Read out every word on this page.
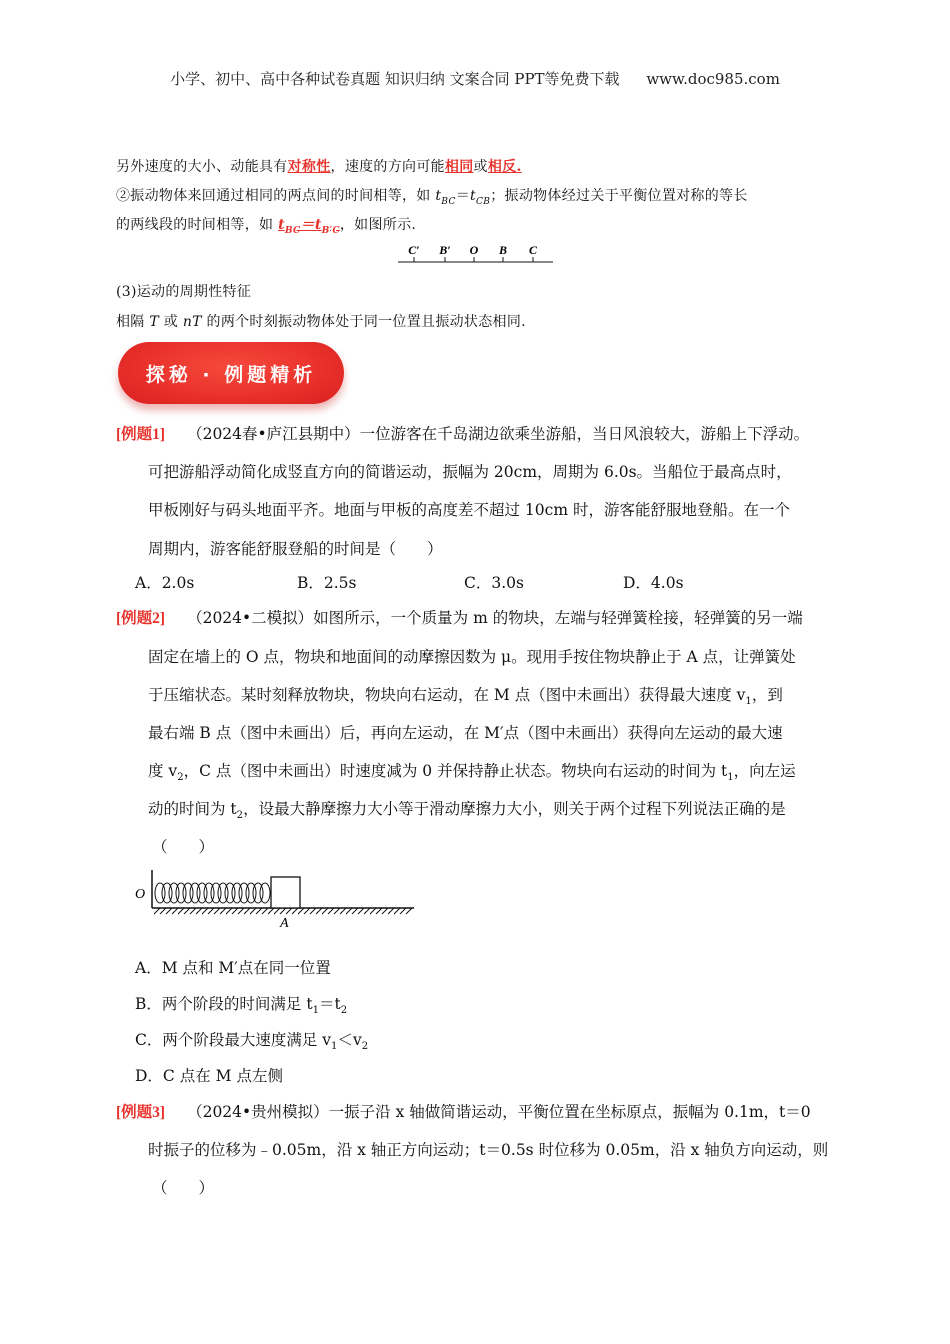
小学、初中、高中各种试卷真题 知识归纳 文案合同 PPT等免费下载 www.doc985.com
另外速度的大小、动能具有对称性，速度的方向可能相同或相反.
②振动物体来回通过相同的两点间的时间相等，如 $t_{BC}=t_{CB}$；振动物体经过关于平衡位置对称的等长
的两线段的时间相等，如 $t_{BC}=t_{B'C}$，如图所示.
C′ B′ O B C
(3)运动的周期性特征
相隔 T 或 nT 的两个时刻振动物体处于同一位置且振动状态相同.
探秘 · 例题精析
[例题1] （2024春•庐江县期中）一位游客在千岛湖边欲乘坐游船，当日风浪较大，游船上下浮动。
可把游船浮动简化成竖直方向的简谐运动，振幅为 20cm，周期为 6.0s。当船位于最高点时，
甲板刚好与码头地面平齐。地面与甲板的高度差不超过 10cm 时，游客能舒服地登船。在一个
周期内，游客能舒服登船的时间是（　　）
A．2.0s	B．2.5s	C．3.0s	D．4.0s
[例题2] （2024•二模拟）如图所示，一个质量为 m 的物块，左端与轻弹簧栓接，轻弹簧的另一端
固定在墙上的 O 点，物块和地面间的动摩擦因数为 μ。现用手按住物块静止于 A 点，让弹簧处
于压缩状态。某时刻释放物块，物块向右运动，在 M 点（图中未画出）获得最大速度 $v_1$，到
最右端 B 点（图中未画出）后，再向左运动，在 M′点（图中未画出）获得向左运动的最大速
度 $v_2$，C 点（图中未画出）时速度减为 0 并保持静止状态。物块向右运动的时间为 $t_1$，向左运
动的时间为 $t_2$，设最大静摩擦力大小等于滑动摩擦力大小，则关于两个过程下列说法正确的是
（　　）
O
A
A．M 点和 M′点在同一位置
B．两个阶段的时间满足 $t_1=t_2$
C．两个阶段最大速度满足 $v_1<v_2$
D．C 点在 M 点左侧
[例题3] （2024•贵州模拟）一振子沿 x 轴做简谐运动，平衡位置在坐标原点，振幅为 0.1m，t＝0
时振子的位移为﹣0.05m，沿 x 轴正方向运动；t＝0.5s 时位移为 0.05m，沿 x 轴负方向运动，则
（　　）
